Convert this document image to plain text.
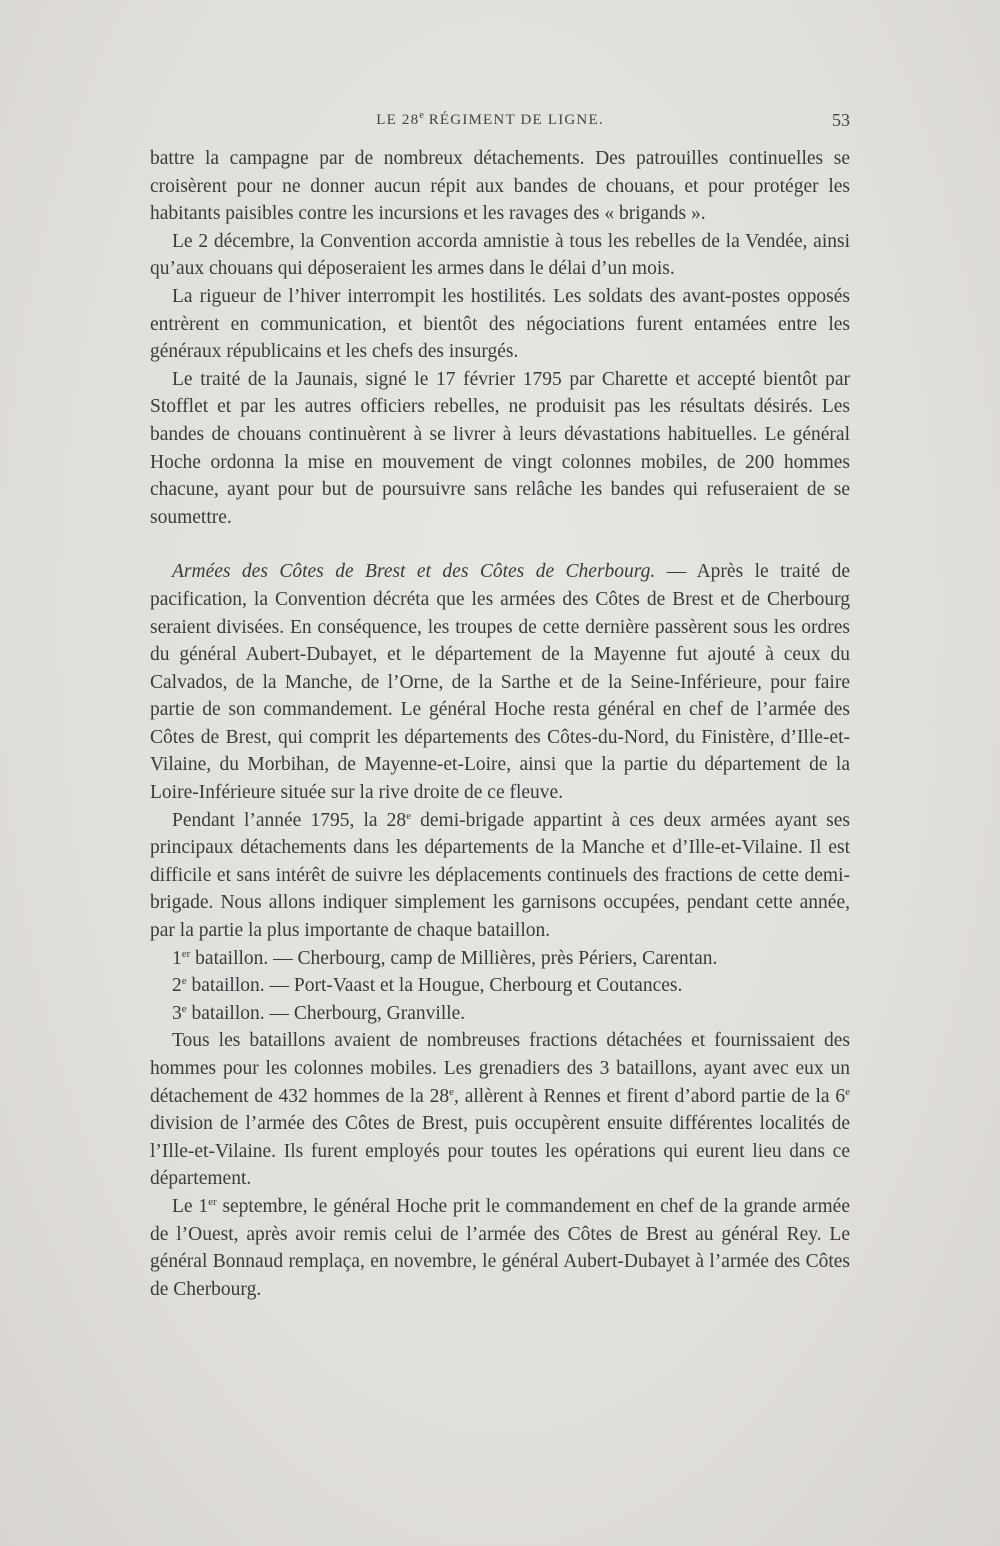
LE 28e RÉGIMENT DE LIGNE.	53

battre la campagne par de nombreux détachements. Des patrouilles continuelles se croisèrent pour ne donner aucun répit aux bandes de chouans, et pour protéger les habitants paisibles contre les incursions et les ravages des « brigands ».

Le 2 décembre, la Convention accorda amnistie à tous les rebelles de la Vendée, ainsi qu’aux chouans qui déposeraient les armes dans le délai d’un mois.

La rigueur de l’hiver interrompit les hostilités. Les soldats des avant-postes opposés entrèrent en communication, et bientôt des négociations furent entamées entre les généraux républicains et les chefs des insurgés.

Le traité de la Jaunais, signé le 17 février 1795 par Charette et accepté bientôt par Stofflet et par les autres officiers rebelles, ne produisit pas les résultats désirés. Les bandes de chouans continuèrent à se livrer à leurs dévastations habituelles. Le général Hoche ordonna la mise en mouvement de vingt colonnes mobiles, de 200 hommes chacune, ayant pour but de poursuivre sans relâche les bandes qui refuseraient de se soumettre.

Armées des Côtes de Brest et des Côtes de Cherbourg. — Après le traité de pacification, la Convention décréta que les armées des Côtes de Brest et de Cherbourg seraient divisées. En conséquence, les troupes de cette dernière passèrent sous les ordres du général Aubert-Dubayet, et le département de la Mayenne fut ajouté à ceux du Calvados, de la Manche, de l’Orne, de la Sarthe et de la Seine-Inférieure, pour faire partie de son commandement. Le général Hoche resta général en chef de l’armée des Côtes de Brest, qui comprit les départements des Côtes-du-Nord, du Finistère, d’Ille-et-Vilaine, du Morbihan, de Mayenne-et-Loire, ainsi que la partie du département de la Loire-Inférieure située sur la rive droite de ce fleuve.

Pendant l’année 1795, la 28e demi-brigade appartint à ces deux armées ayant ses principaux détachements dans les départements de la Manche et d’Ille-et-Vilaine. Il est difficile et sans intérêt de suivre les déplacements continuels des fractions de cette demi-brigade. Nous allons indiquer simplement les garnisons occupées, pendant cette année, par la partie la plus importante de chaque bataillon.

1er bataillon. — Cherbourg, camp de Millières, près Périers, Carentan.

2e bataillon. — Port-Vaast et la Hougue, Cherbourg et Coutances.

3e bataillon. — Cherbourg, Granville.

Tous les bataillons avaient de nombreuses fractions détachées et fournissaient des hommes pour les colonnes mobiles. Les grenadiers des 3 bataillons, ayant avec eux un détachement de 432 hommes de la 28e, allèrent à Rennes et firent d’abord partie de la 6e division de l’armée des Côtes de Brest, puis occupèrent ensuite différentes localités de l’Ille-et-Vilaine. Ils furent employés pour toutes les opérations qui eurent lieu dans ce département.

Le 1er septembre, le général Hoche prit le commandement en chef de la grande armée de l’Ouest, après avoir remis celui de l’armée des Côtes de Brest au général Rey. Le général Bonnaud remplaça, en novembre, le général Aubert-Dubayet à l’armée des Côtes de Cherbourg.
